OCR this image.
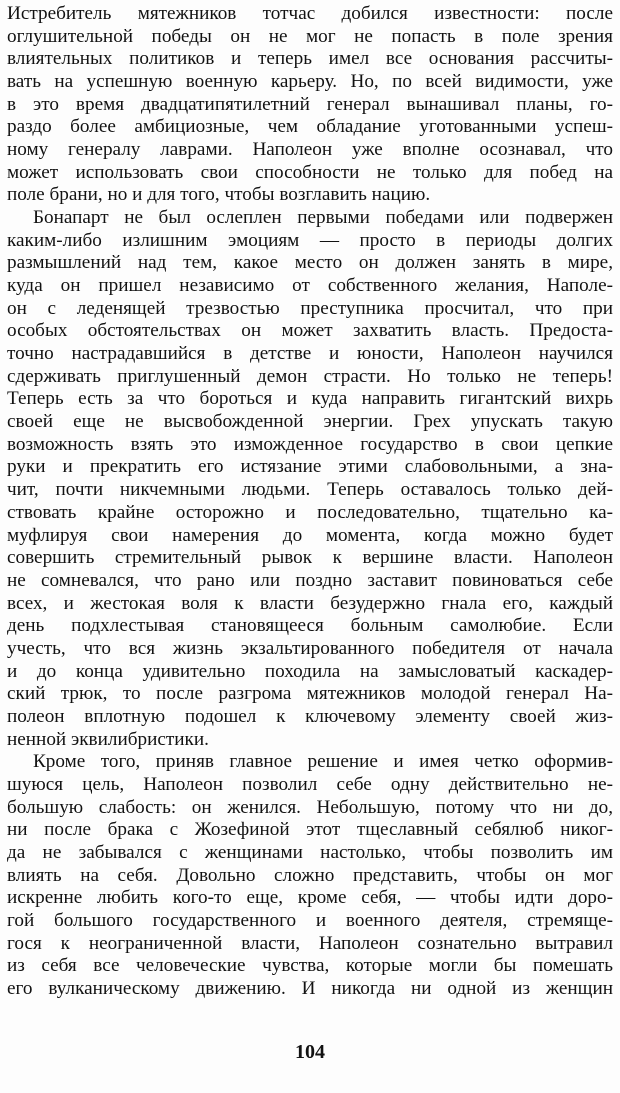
Истребитель мятежников тотчас добился известности: после
оглушительной победы он не мог не попасть в поле зрения
влиятельных политиков и теперь имел все основания рассчиты-
вать на успешную военную карьеру. Но, по всей видимости, уже
в это время двадцатипятилетний генерал вынашивал планы, го-
раздо более амбициозные, чем обладание уготованными успеш-
ному генералу лаврами. Наполеон уже вполне осознавал, что
может использовать свои способности не только для побед на
поле брани, но и для того, чтобы возглавить нацию.
Бонапарт не был ослеплен первыми победами или подвержен
каким-либо излишним эмоциям — просто в периоды долгих
размышлений над тем, какое место он должен занять в мире,
куда он пришел независимо от собственного желания, Наполе-
он с леденящей трезвостью преступника просчитал, что при
особых обстоятельствах он может захватить власть. Предоста-
точно настрадавшийся в детстве и юности, Наполеон научился
сдерживать приглушенный демон страсти. Но только не теперь!
Теперь есть за что бороться и куда направить гигантский вихрь
своей еще не высвобожденной энергии. Грех упускать такую
возможность взять это изможденное государство в свои цепкие
руки и прекратить его истязание этими слабовольными, а зна-
чит, почти никчемными людьми. Теперь оставалось только дей-
ствовать крайне осторожно и последовательно, тщательно ка-
муфлируя свои намерения до момента, когда можно будет
совершить стремительный рывок к вершине власти. Наполеон
не сомневался, что рано или поздно заставит повиноваться себе
всех, и жестокая воля к власти безудержно гнала его, каждый
день подхлестывая становящееся больным самолюбие. Если
учесть, что вся жизнь экзальтированного победителя от начала
и до конца удивительно походила на замысловатый каскадер-
ский трюк, то после разгрома мятежников молодой генерал На-
полеон вплотную подошел к ключевому элементу своей жиз-
ненной эквилибристики.
Кроме того, приняв главное решение и имея четко оформив-
шуюся цель, Наполеон позволил себе одну действительно не-
большую слабость: он женился. Небольшую, потому что ни до,
ни после брака с Жозефиной этот тщеславный себялюб никог-
да не забывался с женщинами настолько, чтобы позволить им
влиять на себя. Довольно сложно представить, чтобы он мог
искренне любить кого-то еще, кроме себя, — чтобы идти доро-
гой большого государственного и военного деятеля, стремяще-
гося к неограниченной власти, Наполеон сознательно вытравил
из себя все человеческие чувства, которые могли бы помешать
его вулканическому движению. И никогда ни одной из женщин
104
